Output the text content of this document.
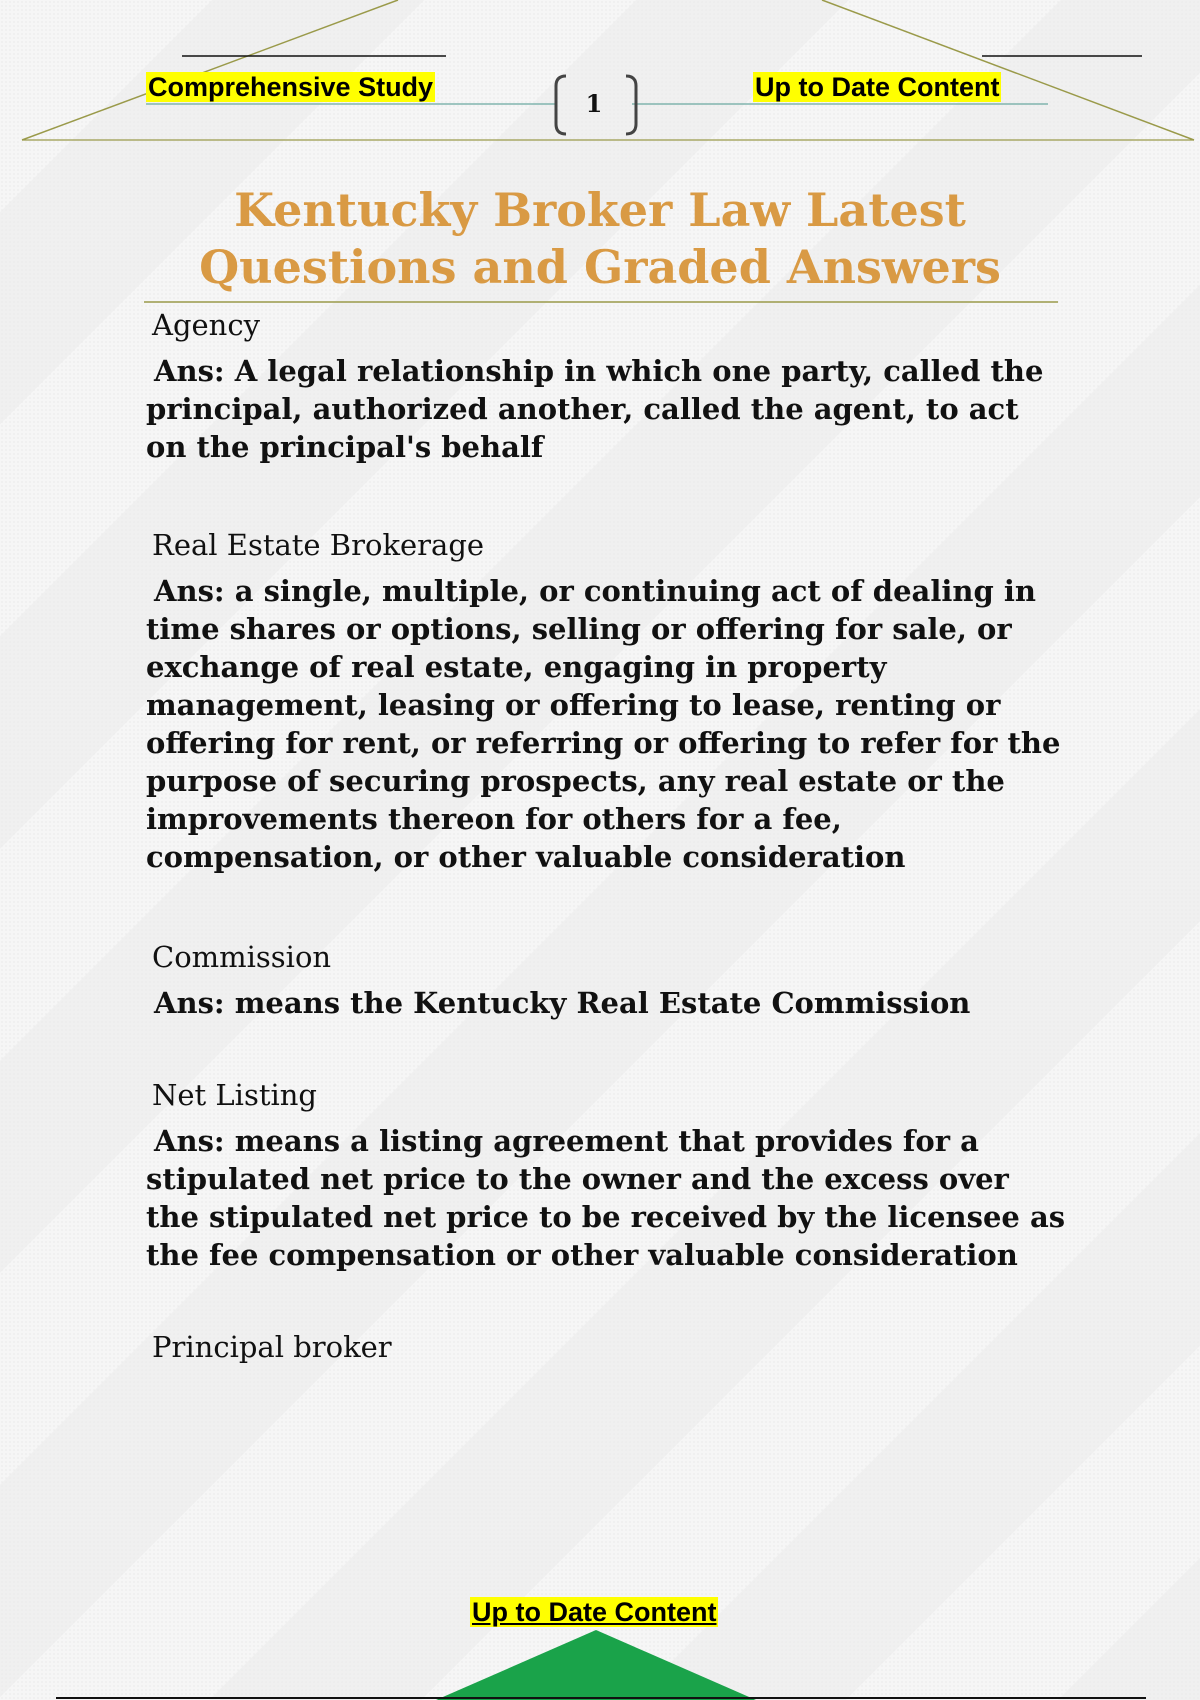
Comprehensive Study
1
Up to Date Content
Kentucky Broker Law Latest Questions and Graded Answers
Agency
Ans: A legal relationship in which one party, called the principal, authorized another, called the agent, to act on the principal's behalf
Real Estate Brokerage
Ans: a single, multiple, or continuing act of dealing in time shares or options, selling or offering for sale, or exchange of real estate, engaging in property management, leasing or offering to lease, renting or offering for rent, or referring or offering to refer for the purpose of securing prospects, any real estate or the improvements thereon for others for a fee, compensation, or other valuable consideration
Commission
Ans: means the Kentucky Real Estate Commission
Net Listing
Ans: means a listing agreement that provides for a stipulated net price to the owner and the excess over the stipulated net price to be received by the licensee as the fee compensation or other valuable consideration
Principal broker
Up to Date Content
